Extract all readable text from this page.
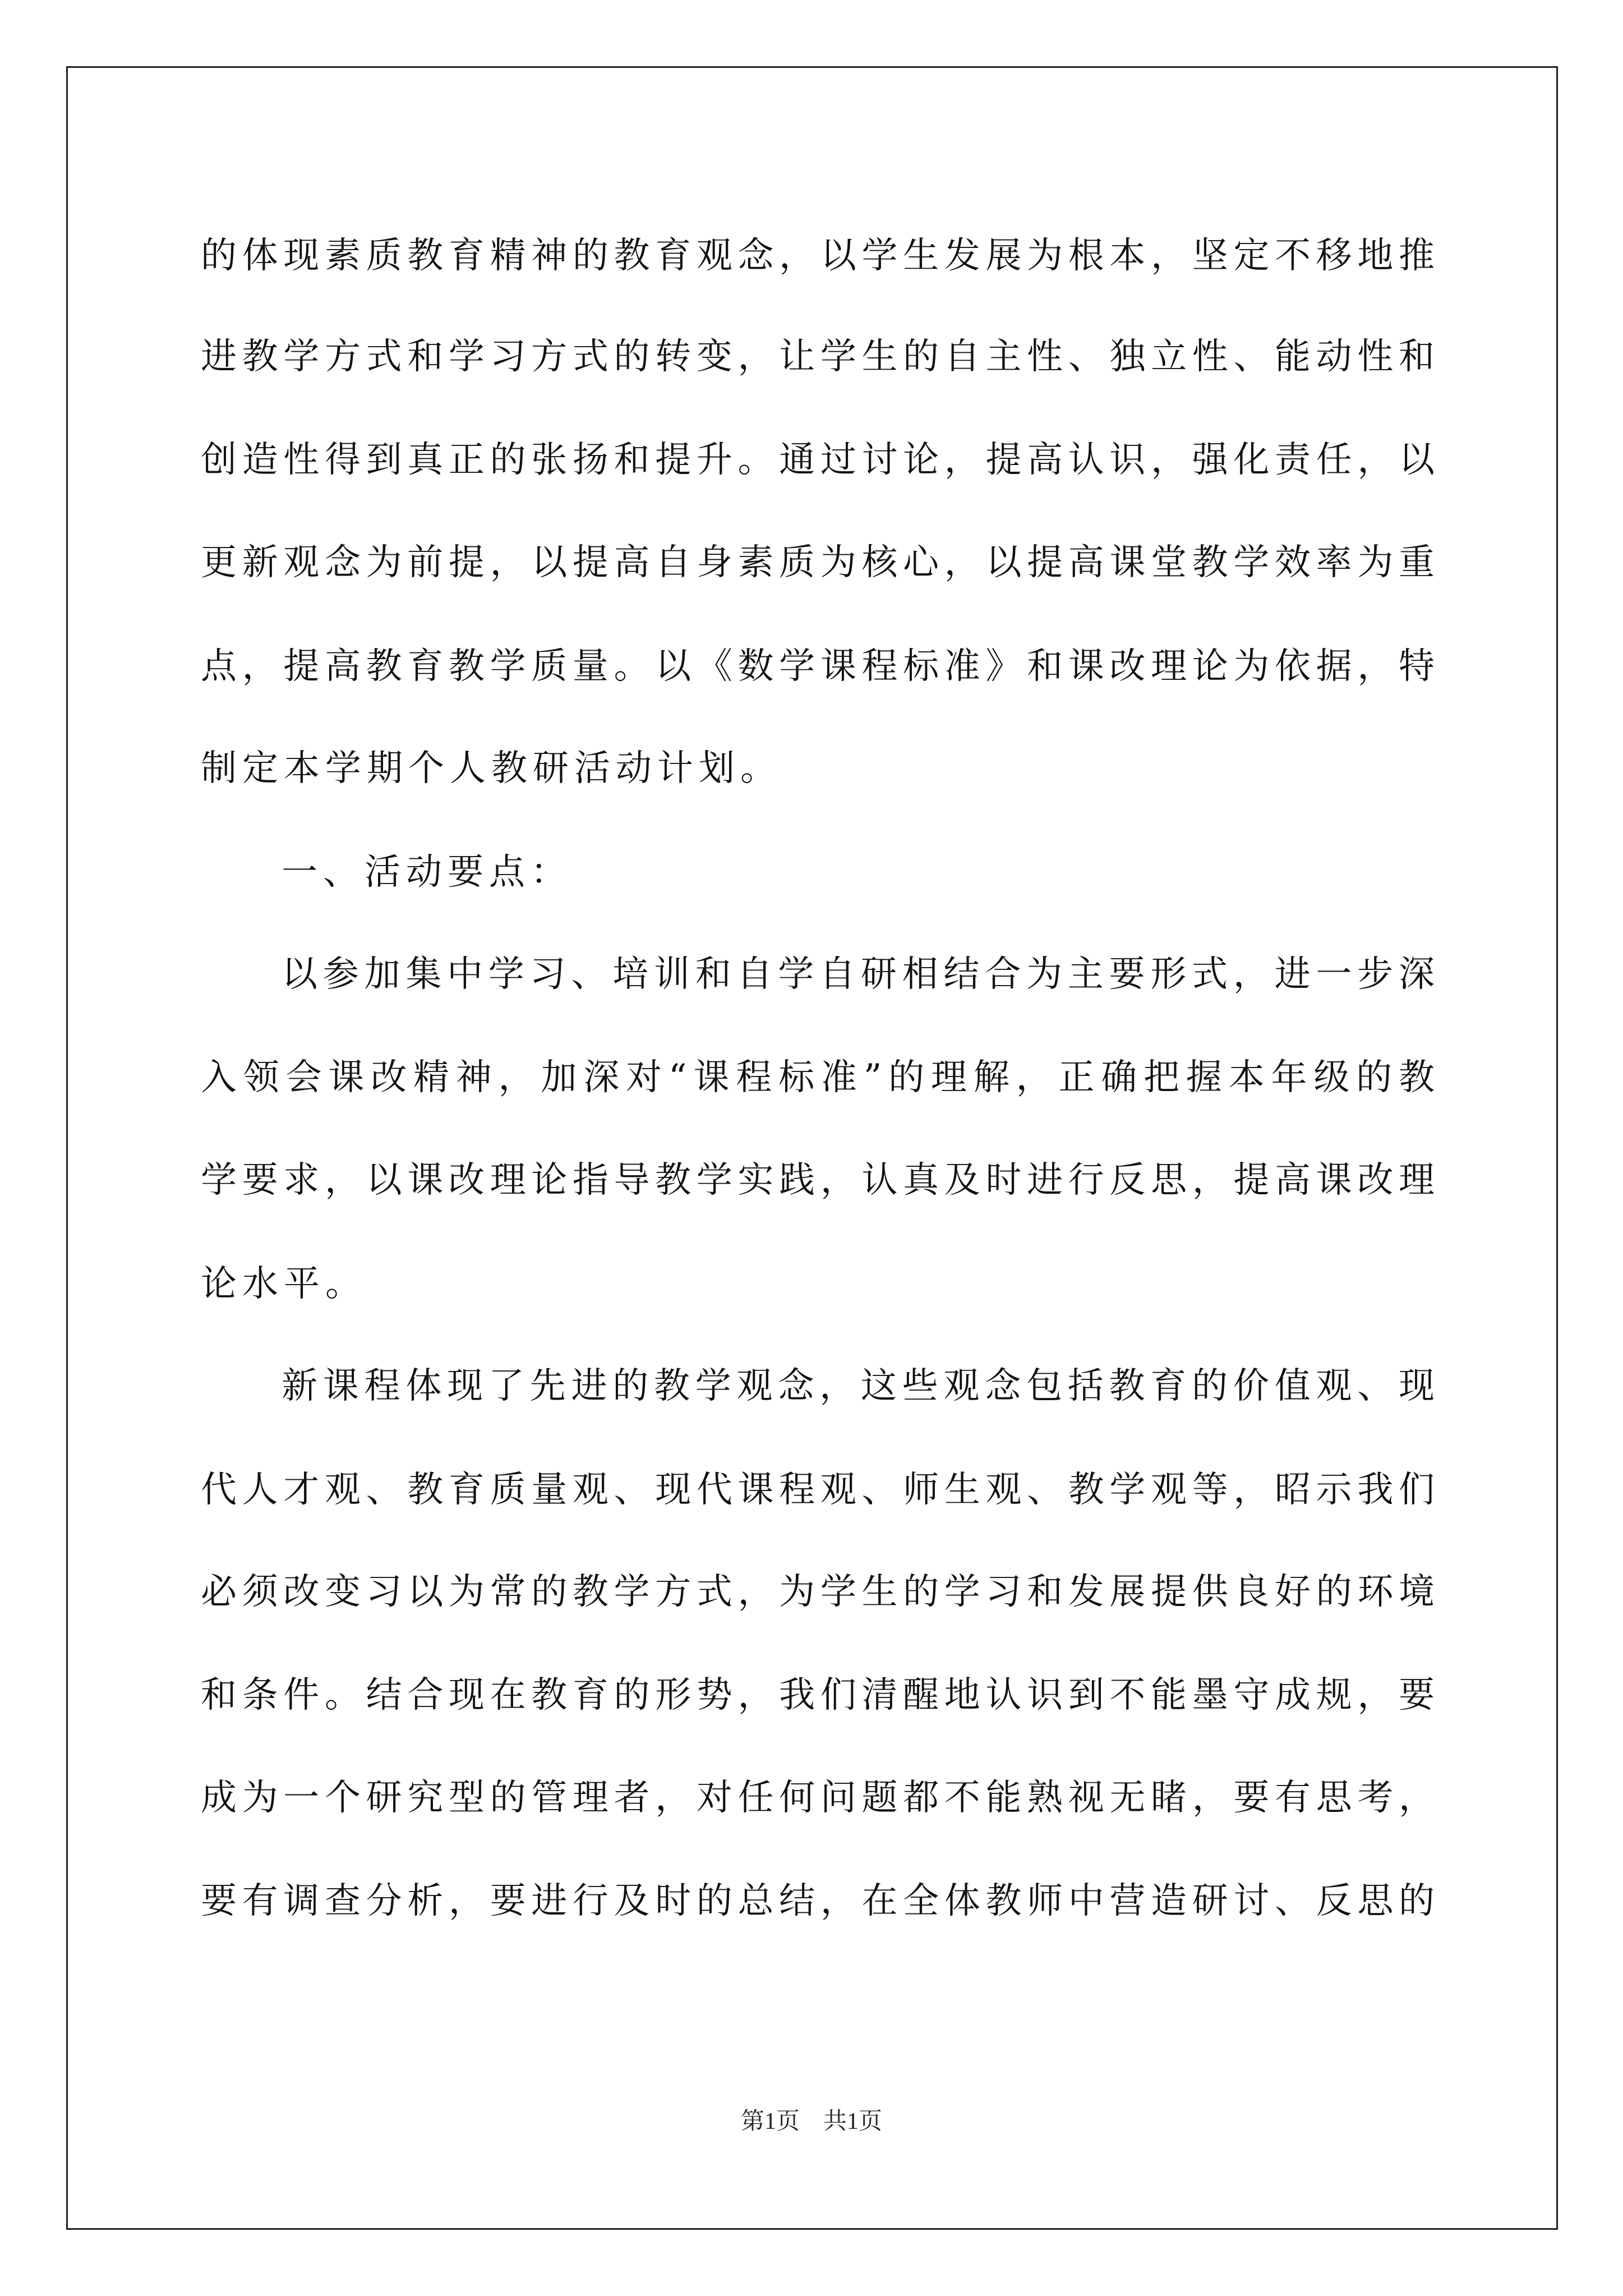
的体现素质教育精神的教育观念，以学生发展为根本，坚定不移地推
进教学方式和学习方式的转变，让学生的自主性、独立性、能动性和
创造性得到真正的张扬和提升。通过讨论，提高认识，强化责任，以
更新观念为前提，以提高自身素质为核心，以提高课堂教学效率为重
点，提高教育教学质量。以《数学课程标准》和课改理论为依据，特
制定本学期个人教研活动计划。
一、活动要点：
以参加集中学习、培训和自学自研相结合为主要形式，进一步深
入领会课改精神，加深对“课程标准”的理解，正确把握本年级的教
学要求，以课改理论指导教学实践，认真及时进行反思，提高课改理
论水平。
新课程体现了先进的教学观念，这些观念包括教育的价值观、现
代人才观、教育质量观、现代课程观、师生观、教学观等，昭示我们
必须改变习以为常的教学方式，为学生的学习和发展提供良好的环境
和条件。结合现在教育的形势，我们清醒地认识到不能墨守成规，要
成为一个研究型的管理者，对任何问题都不能熟视无睹，要有思考，
要有调查分析，要进行及时的总结，在全体教师中营造研讨、反思的
第1页　共1页
